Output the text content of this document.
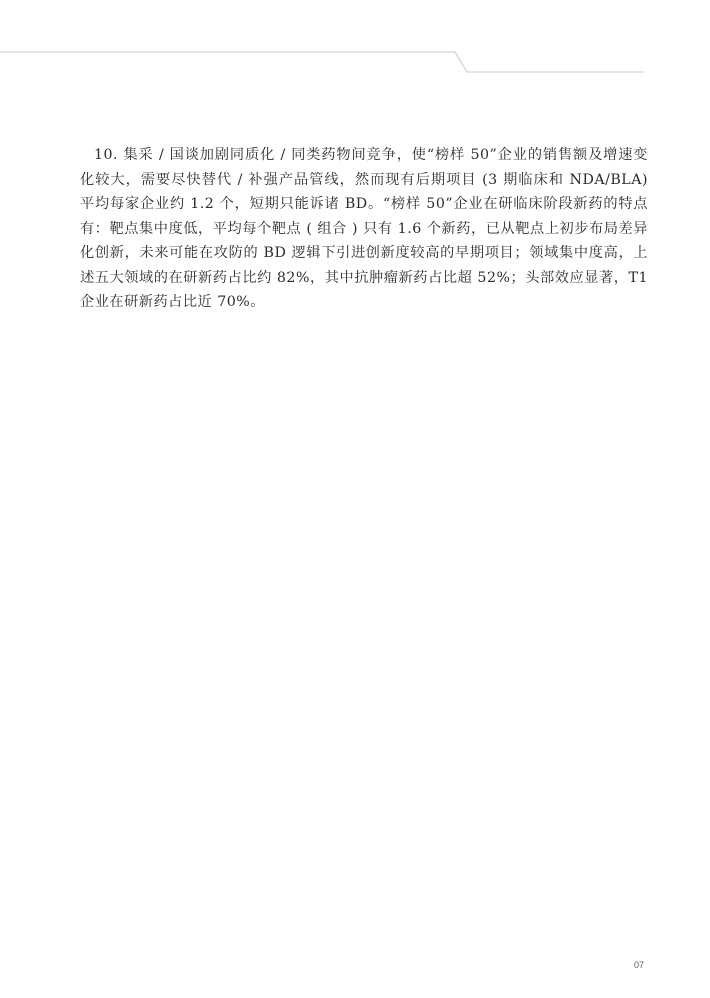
10. 集采 / 国谈加剧同质化 / 同类药物间竞争，使“榜样 50”企业的销售额及增速变化较大，需要尽快替代 / 补强产品管线，然而现有后期项目 (3 期临床和 NDA/BLA) 平均每家企业约 1.2 个，短期只能诉诸 BD。“榜样 50”企业在研临床阶段新药的特点有：靶点集中度低，平均每个靶点 ( 组合 ) 只有 1.6 个新药，已从靶点上初步布局差异化创新，未来可能在攻防的 BD 逻辑下引进创新度较高的早期项目；领域集中度高，上述五大领域的在研新药占比约 82%，其中抗肿瘤新药占比超 52%；头部效应显著，T1 企业在研新药占比近 70%。

07
